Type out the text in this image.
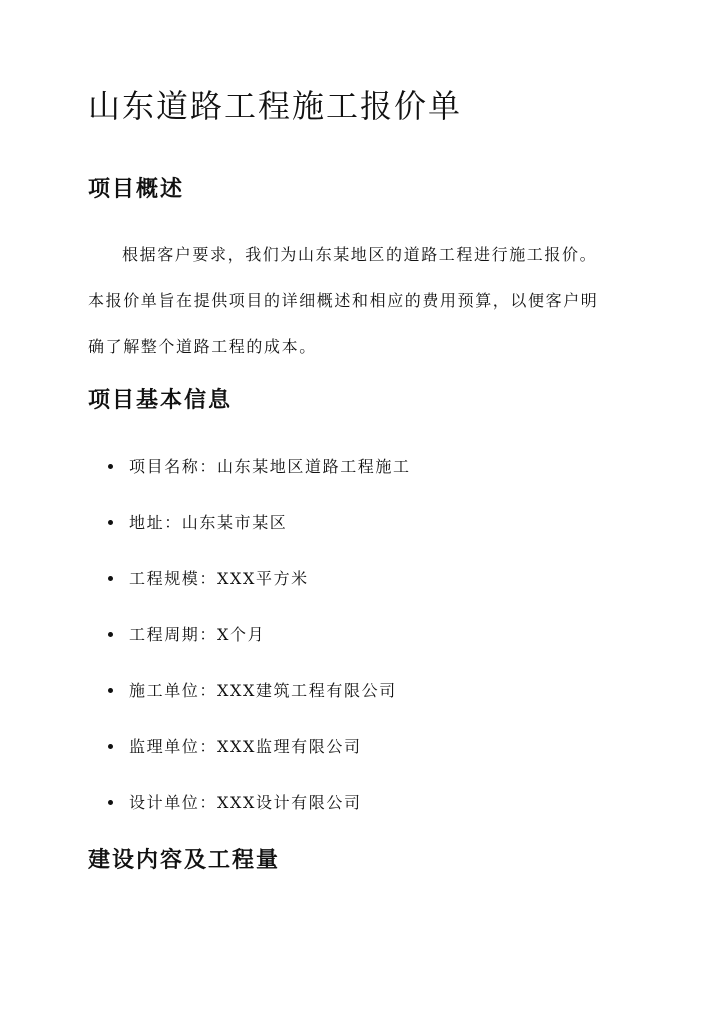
山东道路工程施工报价单
项目概述

根据客户要求，我们为山东某地区的道路工程进行施工报价。
本报价单旨在提供项目的详细概述和相应的费用预算，以便客户明
确了解整个道路工程的成本。

项目基本信息
项目名称：山东某地区道路工程施工
地址：山东某市某区
工程规模：XXX平方米
工程周期：X个月
施工单位：XXX建筑工程有限公司
监理单位：XXX监理有限公司
设计单位：XXX设计有限公司
建设内容及工程量
